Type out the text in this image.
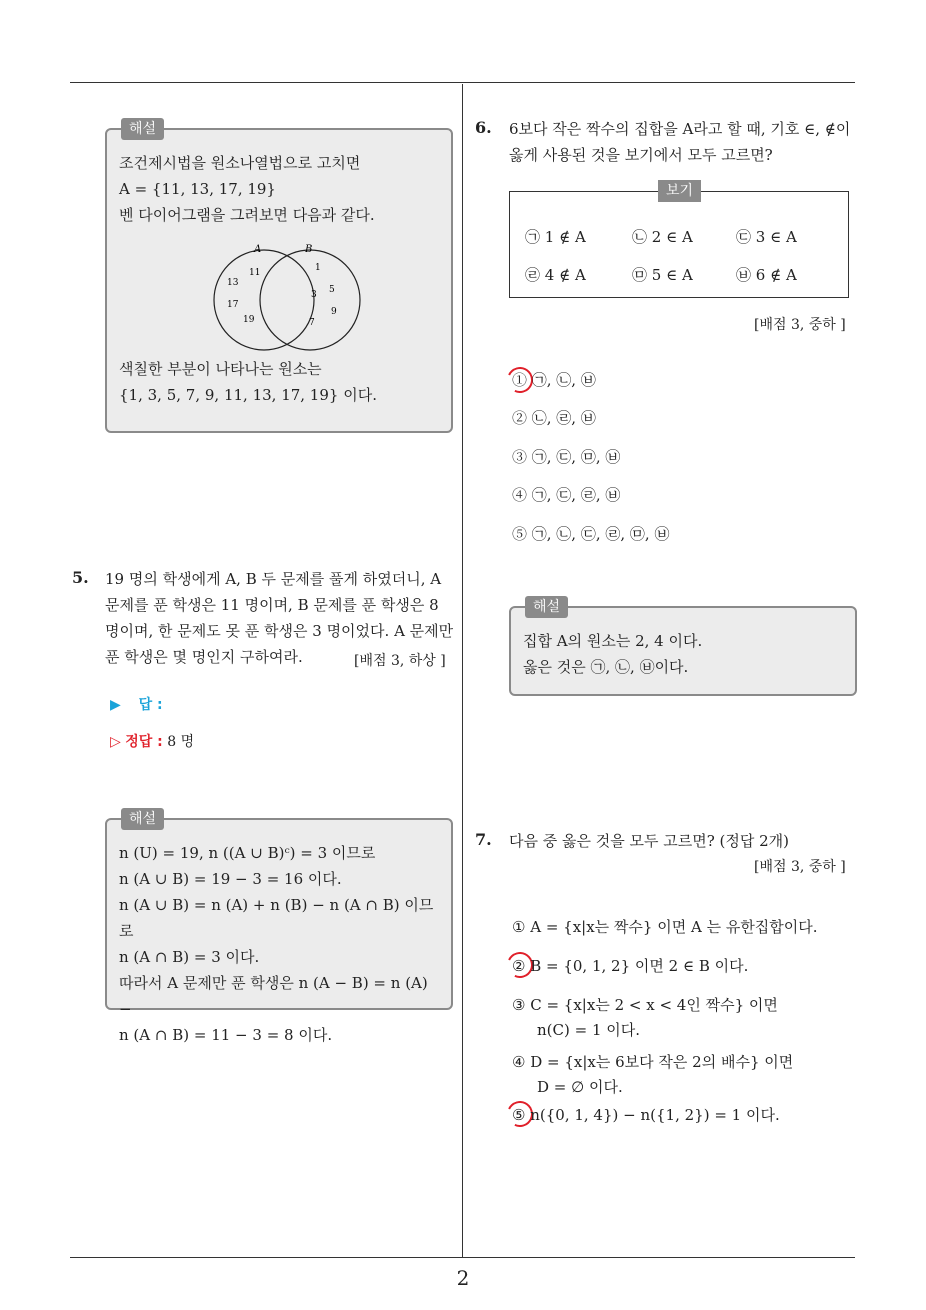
해설
조건제시법을 원소나열법으로 고치면
A = {11, 13, 17, 19}
벤 다이어그램을 그려보면 다음과 같다.
A	B
13
17
19
11	1
3 5
7
9
색칠한 부분이 나타나는 원소는
{1, 3, 5, 7, 9, 11, 13, 17, 19} 이다.
5. 19 명의 학생에게 A, B 두 문제를 풀게 하였더니, A
문제를 푼 학생은 11 명이며, B 문제를 푼 학생은 8
명이며, 한 문제도 못 푼 학생은 3 명이었다. A 문제만
푼 학생은 몇 명인지 구하여라.	[배점 3, 하상 ]
▶ 답 :
▷ 정답 : 8 명
해설
n (U) = 19, n ((A ∪ B)ᶜ) = 3 이므로
n (A ∪ B) = 19 − 3 = 16 이다.
n (A ∪ B) = n (A) + n (B) − n (A ∩ B) 이므로
n (A ∩ B) = 3 이다.
따라서 A 문제만 푼 학생은 n (A − B) = n (A) −
n (A ∩ B) = 11 − 3 = 8 이다.
6. 6보다 작은 짝수의 집합을 A라고 할 때, 기호 ∈, ∉이
옳게 사용된 것을 보기에서 모두 고르면?
보기
㉠ 1 ∉ A	㉡ 2 ∈ A	㉢ 3 ∈ A
㉣ 4 ∉ A	㉤ 5 ∈ A	㉥ 6 ∉ A
[배점 3, 중하 ]
① ㉠, ㉡, ㉥
② ㉡, ㉣, ㉥
③ ㉠, ㉢, ㉤, ㉥
④ ㉠, ㉢, ㉣, ㉥
⑤ ㉠, ㉡, ㉢, ㉣, ㉤, ㉥
해설
집합 A의 원소는 2, 4 이다.
옳은 것은 ㉠, ㉡, ㉥이다.
7. 다음 중 옳은 것을 모두 고르면? (정답 2개)
[배점 3, 중하 ]
① A = {x|x는 짝수} 이면 A 는 유한집합이다.
② B = {0, 1, 2} 이면 2 ∈ B 이다.
③ C = {x|x는 2 < x < 4인 짝수} 이면
n(C) = 1 이다.
④ D = {x|x는 6보다 작은 2의 배수} 이면
D = ∅ 이다.
⑤ n({0, 1, 4}) − n({1, 2}) = 1 이다.
2
